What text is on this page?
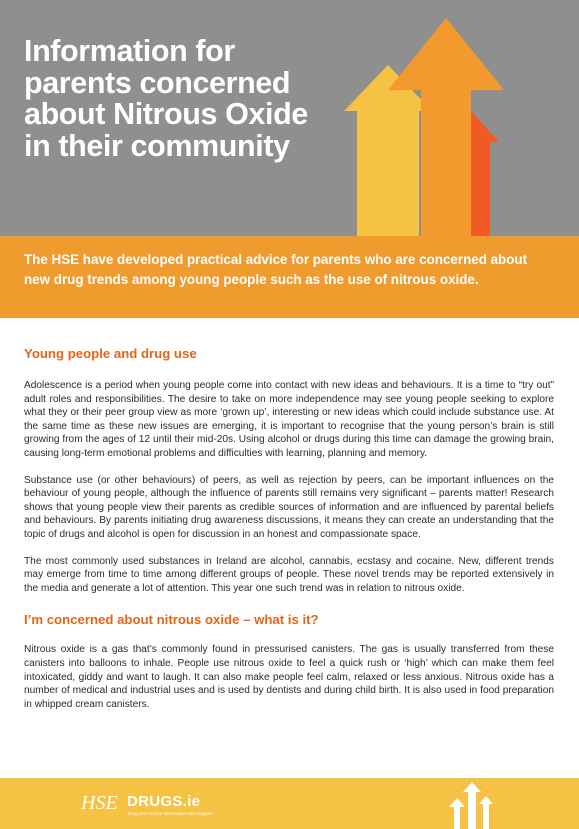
Information for parents concerned about Nitrous Oxide in their community
The HSE have developed practical advice for parents who are concerned about new drug trends among young people such as the use of nitrous oxide.
Young people and drug use

Adolescence is a period when young people come into contact with new ideas and behaviours. It is a time to “try out” adult roles and responsibilities. The desire to take on more independence may see young people seeking to explore what they or their peer group view as more ‘grown up’, interesting or new ideas which could include substance use. At the same time as these new issues are emerging, it is important to recognise that the young person’s brain is still growing from the ages of 12 until their mid-20s. Using alcohol or drugs during this time can damage the growing brain, causing long-term emotional problems and difficulties with learning, planning and memory.

Substance use (or other behaviours) of peers, as well as rejection by peers, can be important influences on the behaviour of young people, although the influence of parents still remains very significant – parents matter! Research shows that young people view their parents as credible sources of information and are influenced by parental beliefs and behaviours. By parents initiating drug awareness discussions, it means they can create an understanding that the topic of drugs and alcohol is open for discussion in an honest and compassionate space.

The most commonly used substances in Ireland are alcohol, cannabis, ecstasy and cocaine. New, different trends may emerge from time to time among different groups of people. These novel trends may be reported extensively in the media and generate a lot of attention. This year one such trend was in relation to nitrous oxide.

I’m concerned about nitrous oxide – what is it?

Nitrous oxide is a gas that’s commonly found in pressurised canisters. The gas is usually transferred from these canisters into balloons to inhale. People use nitrous oxide to feel a quick rush or ‘high’ which can make them feel intoxicated, giddy and want to laugh. It can also make people feel calm, relaxed or less anxious. Nitrous oxide has a number of medical and industrial uses and is used by dentists and during child birth. It is also used in food preparation in whipped cream canisters.

HSE DRUGS.ie
Drug and Alcohol Information and Support
